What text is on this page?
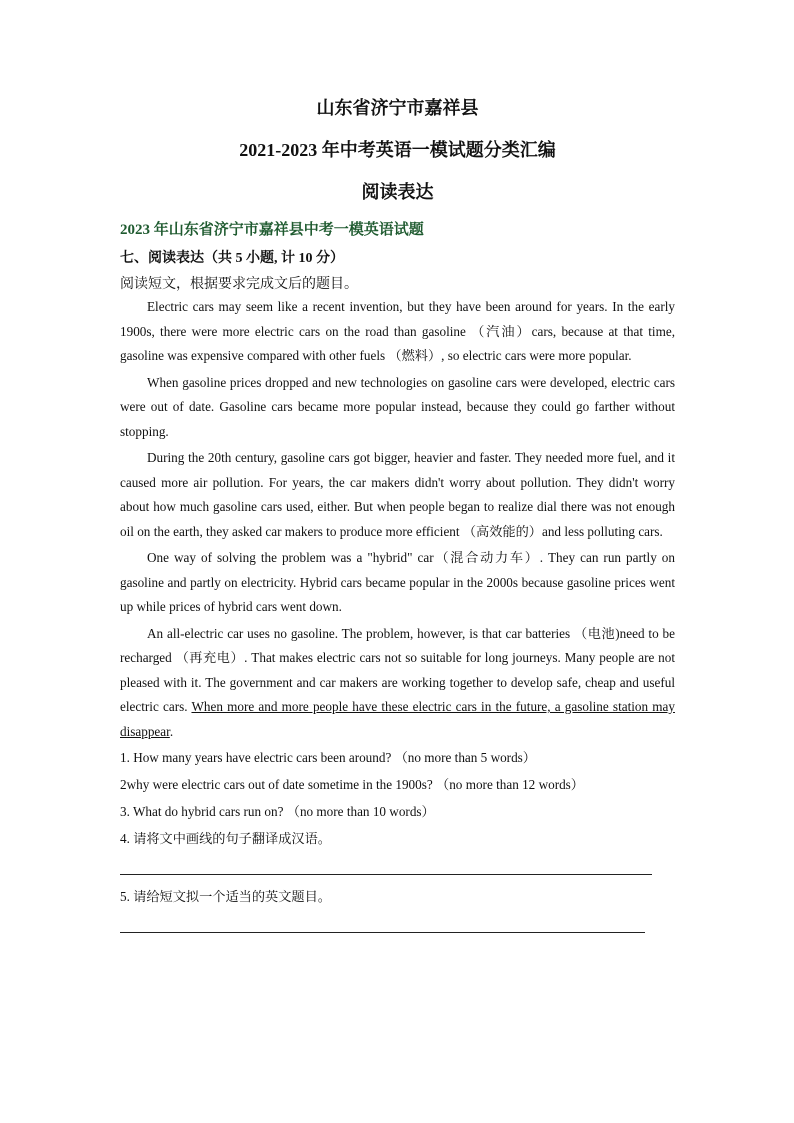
山东省济宁市嘉祥县

2021-2023 年中考英语一模试题分类汇编

阅读表达

2023 年山东省济宁市嘉祥县中考一模英语试题
七、阅读表达（共 5 小题, 计 10 分）
阅读短文，根据要求完成文后的题目。

Electric cars may seem like a recent invention, but they have been around for years. In the early 1900s, there were more electric cars on the road than gasoline （汽油）cars, because at that time, gasoline was expensive compared with other fuels （燃料）, so electric cars were more popular.

When gasoline prices dropped and new technologies on gasoline cars were developed, electric cars were out of date. Gasoline cars became more popular instead, because they could go farther without stopping.

During the 20th century, gasoline cars got bigger, heavier and faster. They needed more fuel, and it caused more air pollution. For years, the car makers didn't worry about pollution. They didn't worry about how much gasoline cars used, either. But when people began to realize dial there was not enough oil on the earth, they asked car makers to produce more efficient （高效能的）and less polluting cars.

One way of solving the problem was a "hybrid" car（混合动力车）. They can run partly on gasoline and partly on electricity. Hybrid cars became popular in the 2000s because gasoline prices went up while prices of hybrid cars went down.

An all-electric car uses no gasoline. The problem, however, is that car batteries （电池)need to be recharged （再充电）. That makes electric cars not so suitable for long journeys. Many people are not pleased with it. The government and car makers are working together to develop safe, cheap and useful electric cars. When more and more people have these electric cars in the future, a gasoline station may disappear.

1. How many years have electric cars been around? （no more than 5 words）

2why were electric cars out of date sometime in the 1900s? （no more than 12 words）

3. What do hybrid cars run on? （no more than 10 words）

4. 请将文中画线的句子翻译成汉语。

5. 请给短文拟一个适当的英文题目。
